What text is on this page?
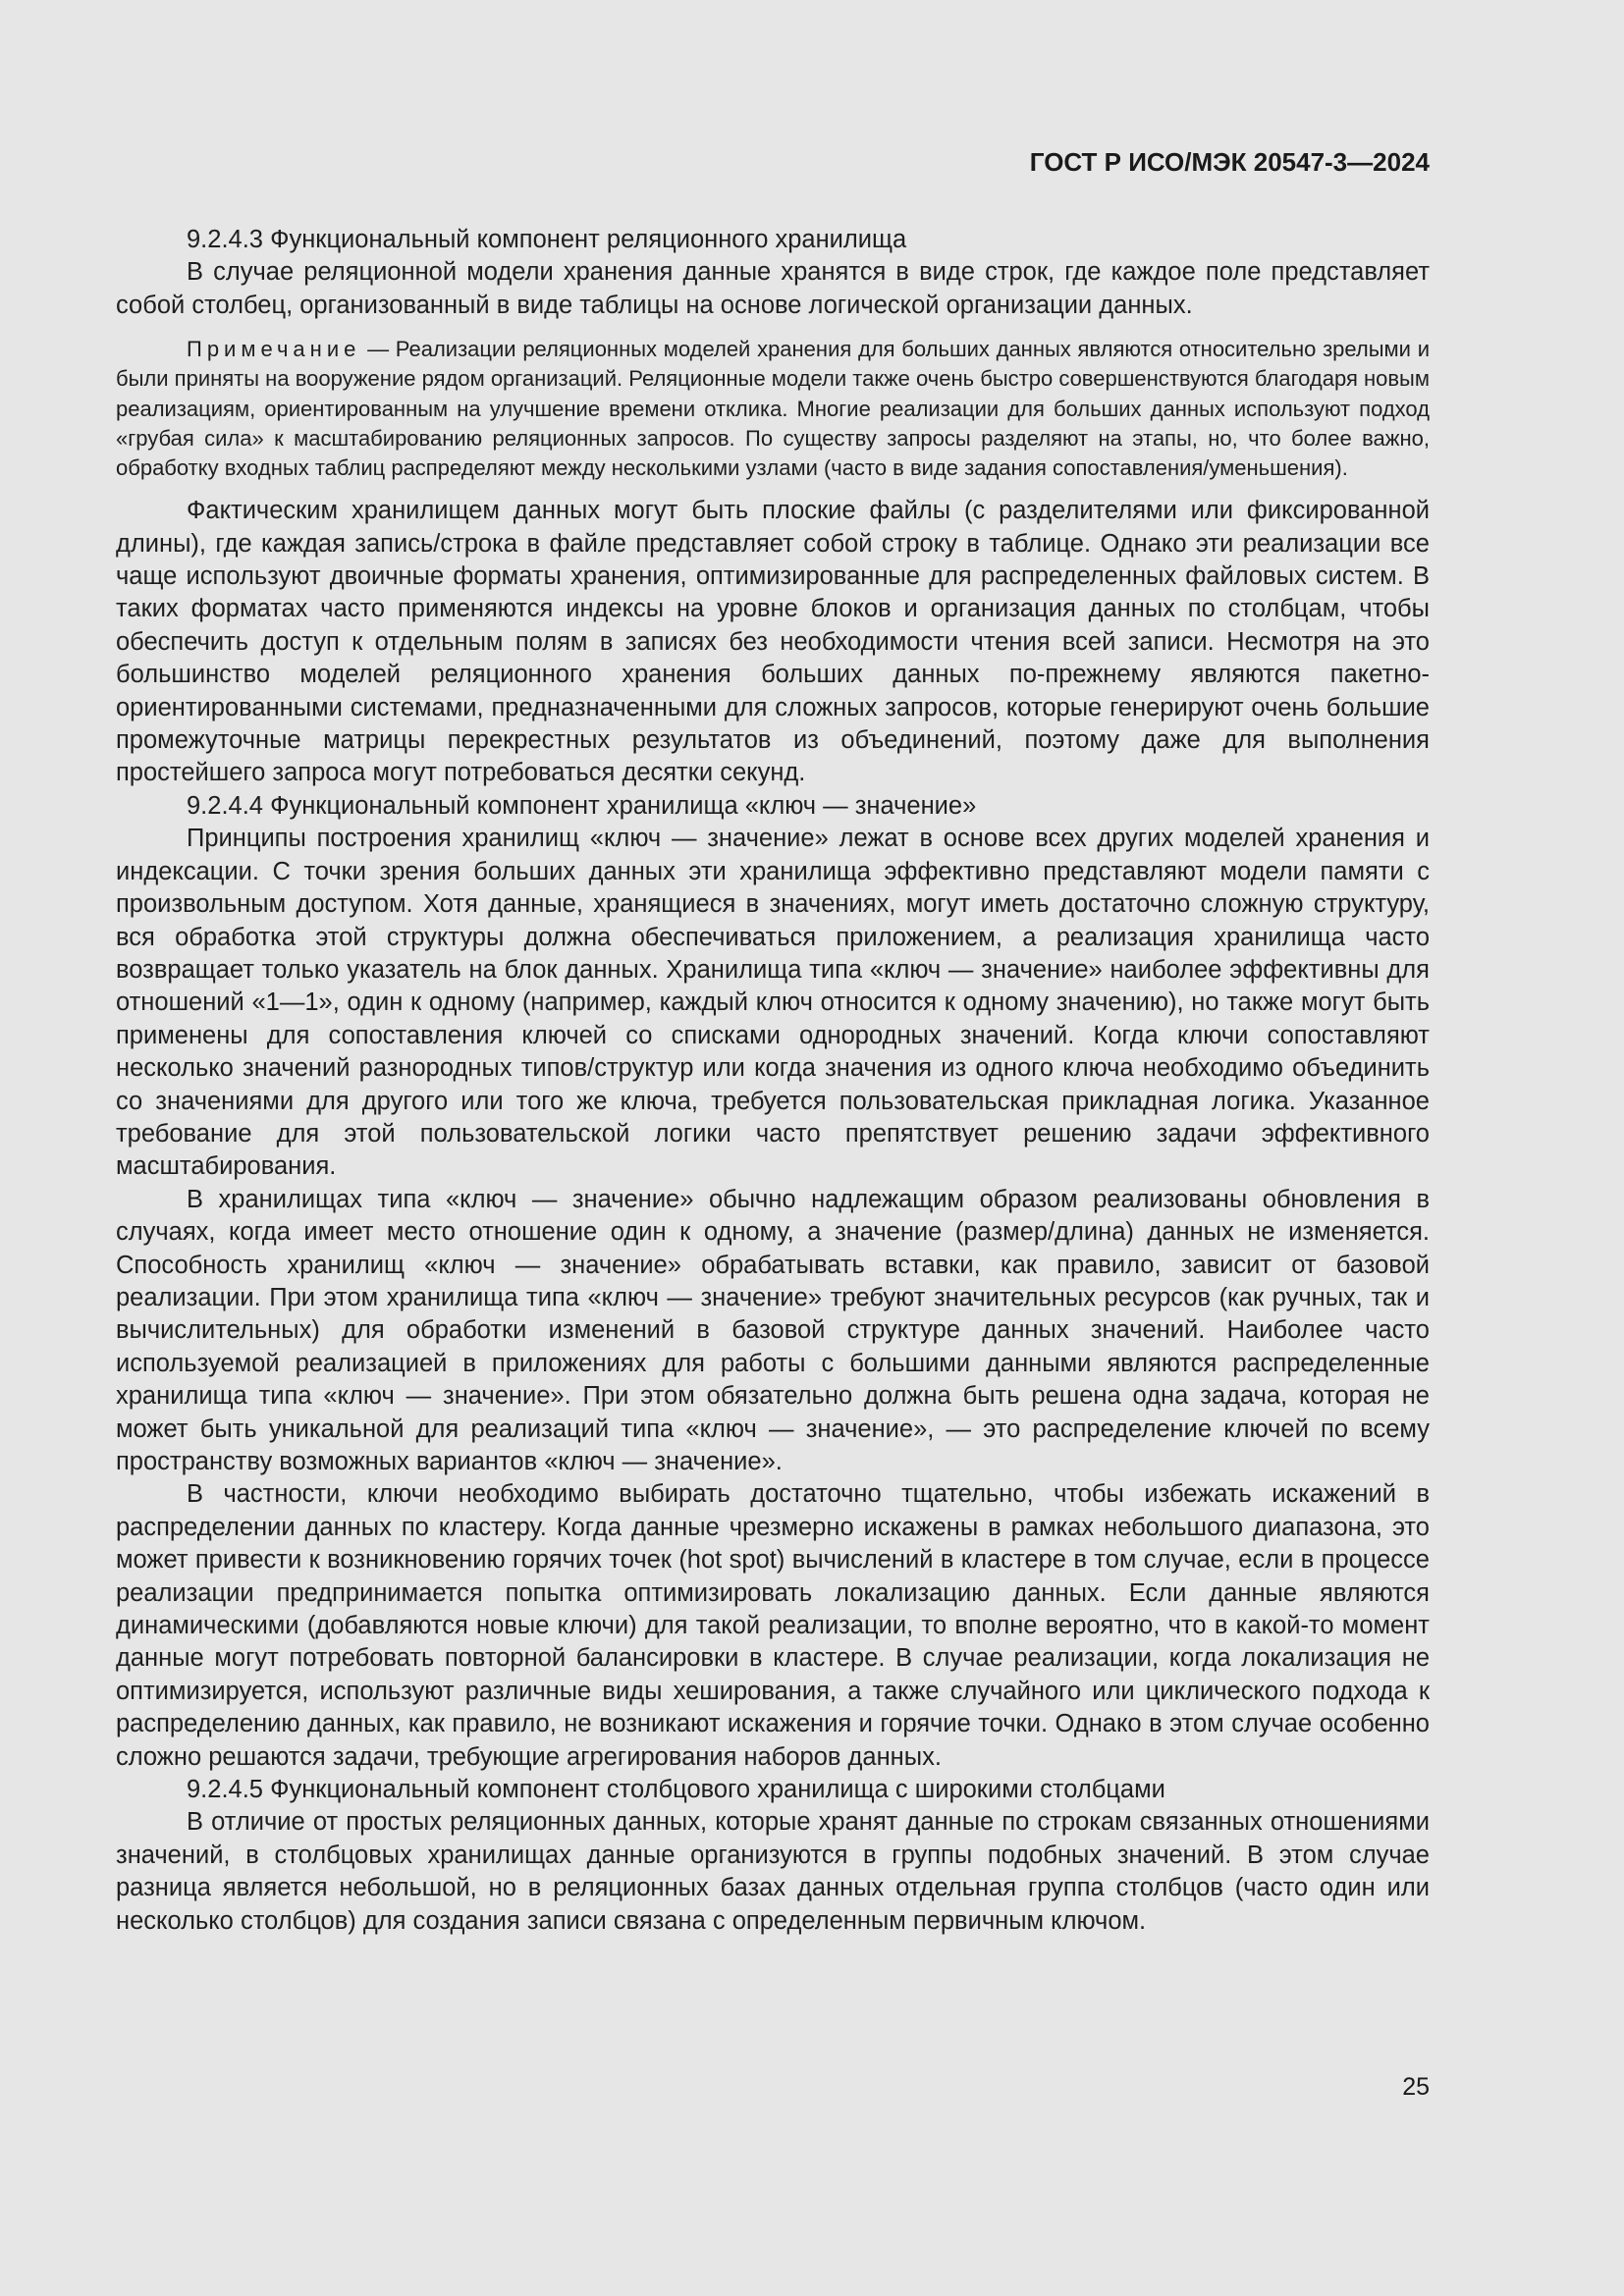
ГОСТ Р ИСО/МЭК 20547-3—2024

9.2.4.3 Функциональный компонент реляционного хранилища

В случае реляционной модели хранения данные хранятся в виде строк, где каждое поле представляет собой столбец, организованный в виде таблицы на основе логической организации данных.

Примечание — Реализации реляционных моделей хранения для больших данных являются относительно зрелыми и были приняты на вооружение рядом организаций. Реляционные модели также очень быстро совершенствуются благодаря новым реализациям, ориентированным на улучшение времени отклика. Многие реализации для больших данных используют подход «грубая сила» к масштабированию реляционных запросов. По существу запросы разделяют на этапы, но, что более важно, обработку входных таблиц распределяют между несколькими узлами (часто в виде задания сопоставления/уменьшения).

Фактическим хранилищем данных могут быть плоские файлы (с разделителями или фиксированной длины), где каждая запись/строка в файле представляет собой строку в таблице. Однако эти реализации все чаще используют двоичные форматы хранения, оптимизированные для распределенных файловых систем. В таких форматах часто применяются индексы на уровне блоков и организация данных по столбцам, чтобы обеспечить доступ к отдельным полям в записях без необходимости чтения всей записи. Несмотря на это большинство моделей реляционного хранения больших данных по-прежнему являются пакетно-ориентированными системами, предназначенными для сложных запросов, которые генерируют очень большие промежуточные матрицы перекрестных результатов из объединений, поэтому даже для выполнения простейшего запроса могут потребоваться десятки секунд.

9.2.4.4 Функциональный компонент хранилища «ключ — значение»

Принципы построения хранилищ «ключ — значение» лежат в основе всех других моделей хранения и индексации. С точки зрения больших данных эти хранилища эффективно представляют модели памяти с произвольным доступом. Хотя данные, хранящиеся в значениях, могут иметь достаточно сложную структуру, вся обработка этой структуры должна обеспечиваться приложением, а реализация хранилища часто возвращает только указатель на блок данных. Хранилища типа «ключ — значение» наиболее эффективны для отношений «1—1», один к одному (например, каждый ключ относится к одному значению), но также могут быть применены для сопоставления ключей со списками однородных значений. Когда ключи сопоставляют несколько значений разнородных типов/структур или когда значения из одного ключа необходимо объединить со значениями для другого или того же ключа, требуется пользовательская прикладная логика. Указанное требование для этой пользовательской логики часто препятствует решению задачи эффективного масштабирования.

В хранилищах типа «ключ — значение» обычно надлежащим образом реализованы обновления в случаях, когда имеет место отношение один к одному, а значение (размер/длина) данных не изменяется. Способность хранилищ «ключ — значение» обрабатывать вставки, как правило, зависит от базовой реализации. При этом хранилища типа «ключ — значение» требуют значительных ресурсов (как ручных, так и вычислительных) для обработки изменений в базовой структуре данных значений. Наиболее часто используемой реализацией в приложениях для работы с большими данными являются распределенные хранилища типа «ключ — значение». При этом обязательно должна быть решена одна задача, которая не может быть уникальной для реализаций типа «ключ — значение», — это распределение ключей по всему пространству возможных вариантов «ключ — значение».

В частности, ключи необходимо выбирать достаточно тщательно, чтобы избежать искажений в распределении данных по кластеру. Когда данные чрезмерно искажены в рамках небольшого диапазона, это может привести к возникновению горячих точек (hot spot) вычислений в кластере в том случае, если в процессе реализации предпринимается попытка оптимизировать локализацию данных. Если данные являются динамическими (добавляются новые ключи) для такой реализации, то вполне вероятно, что в какой-то момент данные могут потребовать повторной балансировки в кластере. В случае реализации, когда локализация не оптимизируется, используют различные виды хеширования, а также случайного или циклического подхода к распределению данных, как правило, не возникают искажения и горячие точки. Однако в этом случае особенно сложно решаются задачи, требующие агрегирования наборов данных.

9.2.4.5 Функциональный компонент столбцового хранилища с широкими столбцами

В отличие от простых реляционных данных, которые хранят данные по строкам связанных отношениями значений, в столбцовых хранилищах данные организуются в группы подобных значений. В этом случае разница является небольшой, но в реляционных базах данных отдельная группа столбцов (часто один или несколько столбцов) для создания записи связана с определенным первичным ключом.

25
